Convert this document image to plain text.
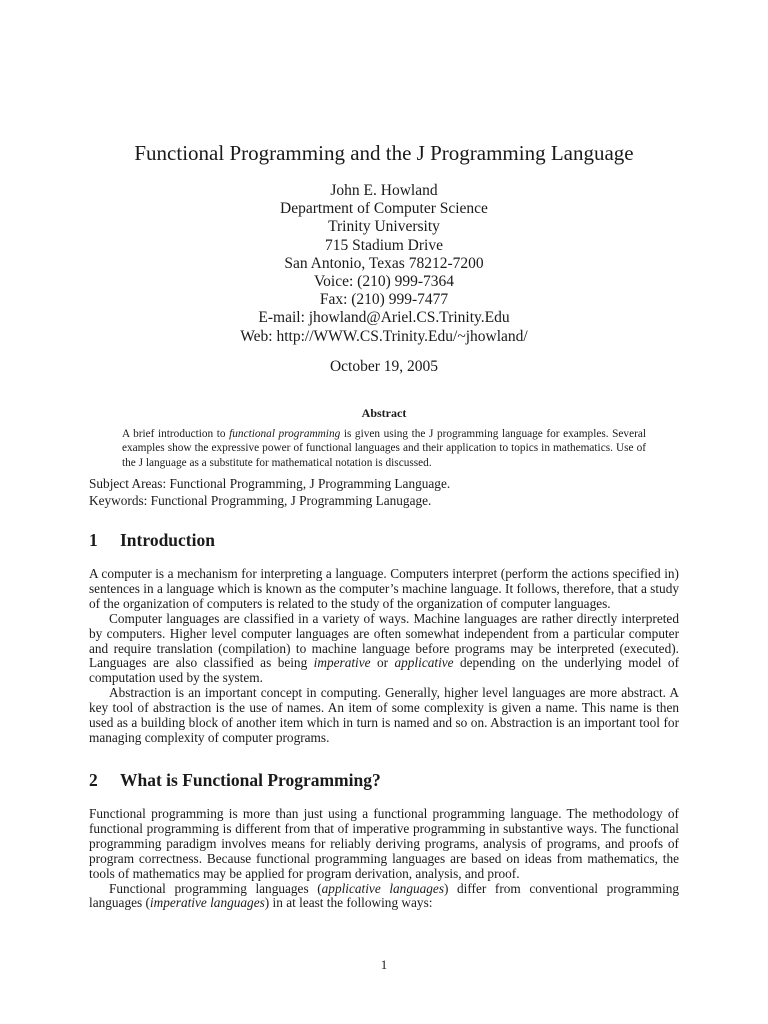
Functional Programming and the J Programming Language
John E. Howland
Department of Computer Science
Trinity University
715 Stadium Drive
San Antonio, Texas 78212-7200
Voice: (210) 999-7364
Fax: (210) 999-7477
E-mail: jhowland@Ariel.CS.Trinity.Edu
Web: http://WWW.CS.Trinity.Edu/~jhowland/
October 19, 2005
Abstract
A brief introduction to functional programming is given using the J programming language for examples. Several examples show the expressive power of functional languages and their application to topics in mathematics. Use of the J language as a substitute for mathematical notation is discussed.
Subject Areas: Functional Programming, J Programming Language.
Keywords: Functional Programming, J Programming Lanugage.
1 Introduction

A computer is a mechanism for interpreting a language. Computers interpret (perform the actions specified in) sentences in a language which is known as the computer’s machine language. It follows, therefore, that a study of the organization of computers is related to the study of the organization of computer languages.

Computer languages are classified in a variety of ways. Machine languages are rather directly interpreted by computers. Higher level computer languages are often somewhat independent from a particular computer and require translation (compilation) to machine language before programs may be interpreted (executed). Languages are also classified as being imperative or applicative depending on the underlying model of computation used by the system.

Abstraction is an important concept in computing. Generally, higher level languages are more abstract. A key tool of abstraction is the use of names. An item of some complexity is given a name. This name is then used as a building block of another item which in turn is named and so on. Abstraction is an important tool for managing complexity of computer programs.

2 What is Functional Programming?

Functional programming is more than just using a functional programming language. The methodology of functional programming is different from that of imperative programming in substantive ways. The functional programming paradigm involves means for reliably deriving programs, analysis of programs, and proofs of program correctness. Because functional programming languages are based on ideas from mathematics, the tools of mathematics may be applied for program derivation, analysis, and proof.

Functional programming languages (applicative languages) differ from conventional programming languages (imperative languages) in at least the following ways:

1
